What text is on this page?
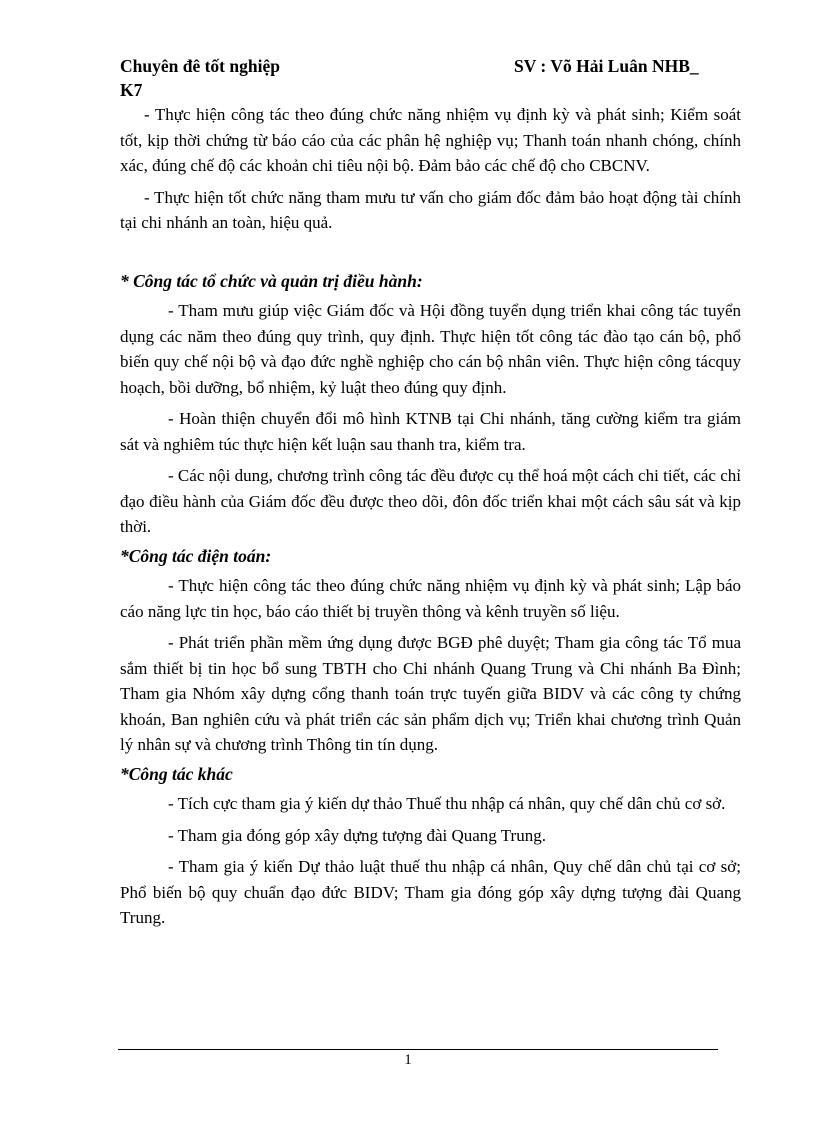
Chuyên đê tốt nghiệp	SV : Võ Hải Luân NHB_
K7

- Thực hiện công tác theo đúng chức năng nhiệm vụ định kỳ và phát sinh; Kiểm soát tốt, kịp thời chứng từ báo cáo của các phân hệ nghiệp vụ; Thanh toán nhanh chóng, chính xác, đúng chế độ các khoản chi tiêu nội bộ. Đảm bảo các chế độ cho CBCNV.

- Thực hiện tốt chức năng tham mưu tư vấn cho giám đốc đảm bảo hoạt động tài chính tại chi nhánh an toàn, hiệu quả.

* Công tác tổ chức và quản trị điều hành:

- Tham mưu giúp việc Giám đốc và Hội đồng tuyển dụng triển khai công tác tuyển dụng các năm theo đúng quy trình, quy định. Thực hiện tốt công tác đào tạo cán bộ, phổ biến quy chế nội bộ và đạo đức nghề nghiệp cho cán bộ nhân viên. Thực hiện công tácquy hoạch, bồi dưỡng, bổ nhiệm, kỷ luật theo đúng quy định.

- Hoàn thiện chuyển đổi mô hình KTNB tại Chi nhánh, tăng cường kiểm tra giám sát và nghiêm túc thực hiện kết luận sau thanh tra, kiểm tra.

- Các nội dung, chương trình công tác đều được cụ thể hoá một cách chi tiết, các chỉ đạo điều hành của Giám đốc đều được theo dõi, đôn đốc triển khai một cách sâu sát và kịp thời.

*Công tác điện toán:

- Thực hiện công tác theo đúng chức năng nhiệm vụ định kỳ và phát sinh; Lập báo cáo năng lực tin học, báo cáo thiết bị truyền thông và kênh truyền số liệu.

- Phát triển phần mềm ứng dụng được BGĐ phê duyệt; Tham gia công tác Tổ mua sắm thiết bị tin học bổ sung TBTH cho Chi nhánh Quang Trung và Chi nhánh Ba Đình; Tham gia Nhóm xây dựng cổng thanh toán trực tuyến giữa BIDV và các công ty chứng khoán, Ban nghiên cứu và phát triển các sản phẩm dịch vụ; Triển khai chương trình Quản lý nhân sự và chương trình Thông tin tín dụng.

*Công tác khác

- Tích cực tham gia ý kiến dự thảo Thuế thu nhập cá nhân, quy chế dân chủ cơ sở.

- Tham gia đóng góp xây dựng tượng đài Quang Trung.

- Tham gia ý kiến Dự thảo luật thuế thu nhập cá nhân, Quy chế dân chủ tại cơ sở; Phổ biến bộ quy chuẩn đạo đức BIDV; Tham gia đóng góp xây dựng tượng đài Quang Trung.

1
